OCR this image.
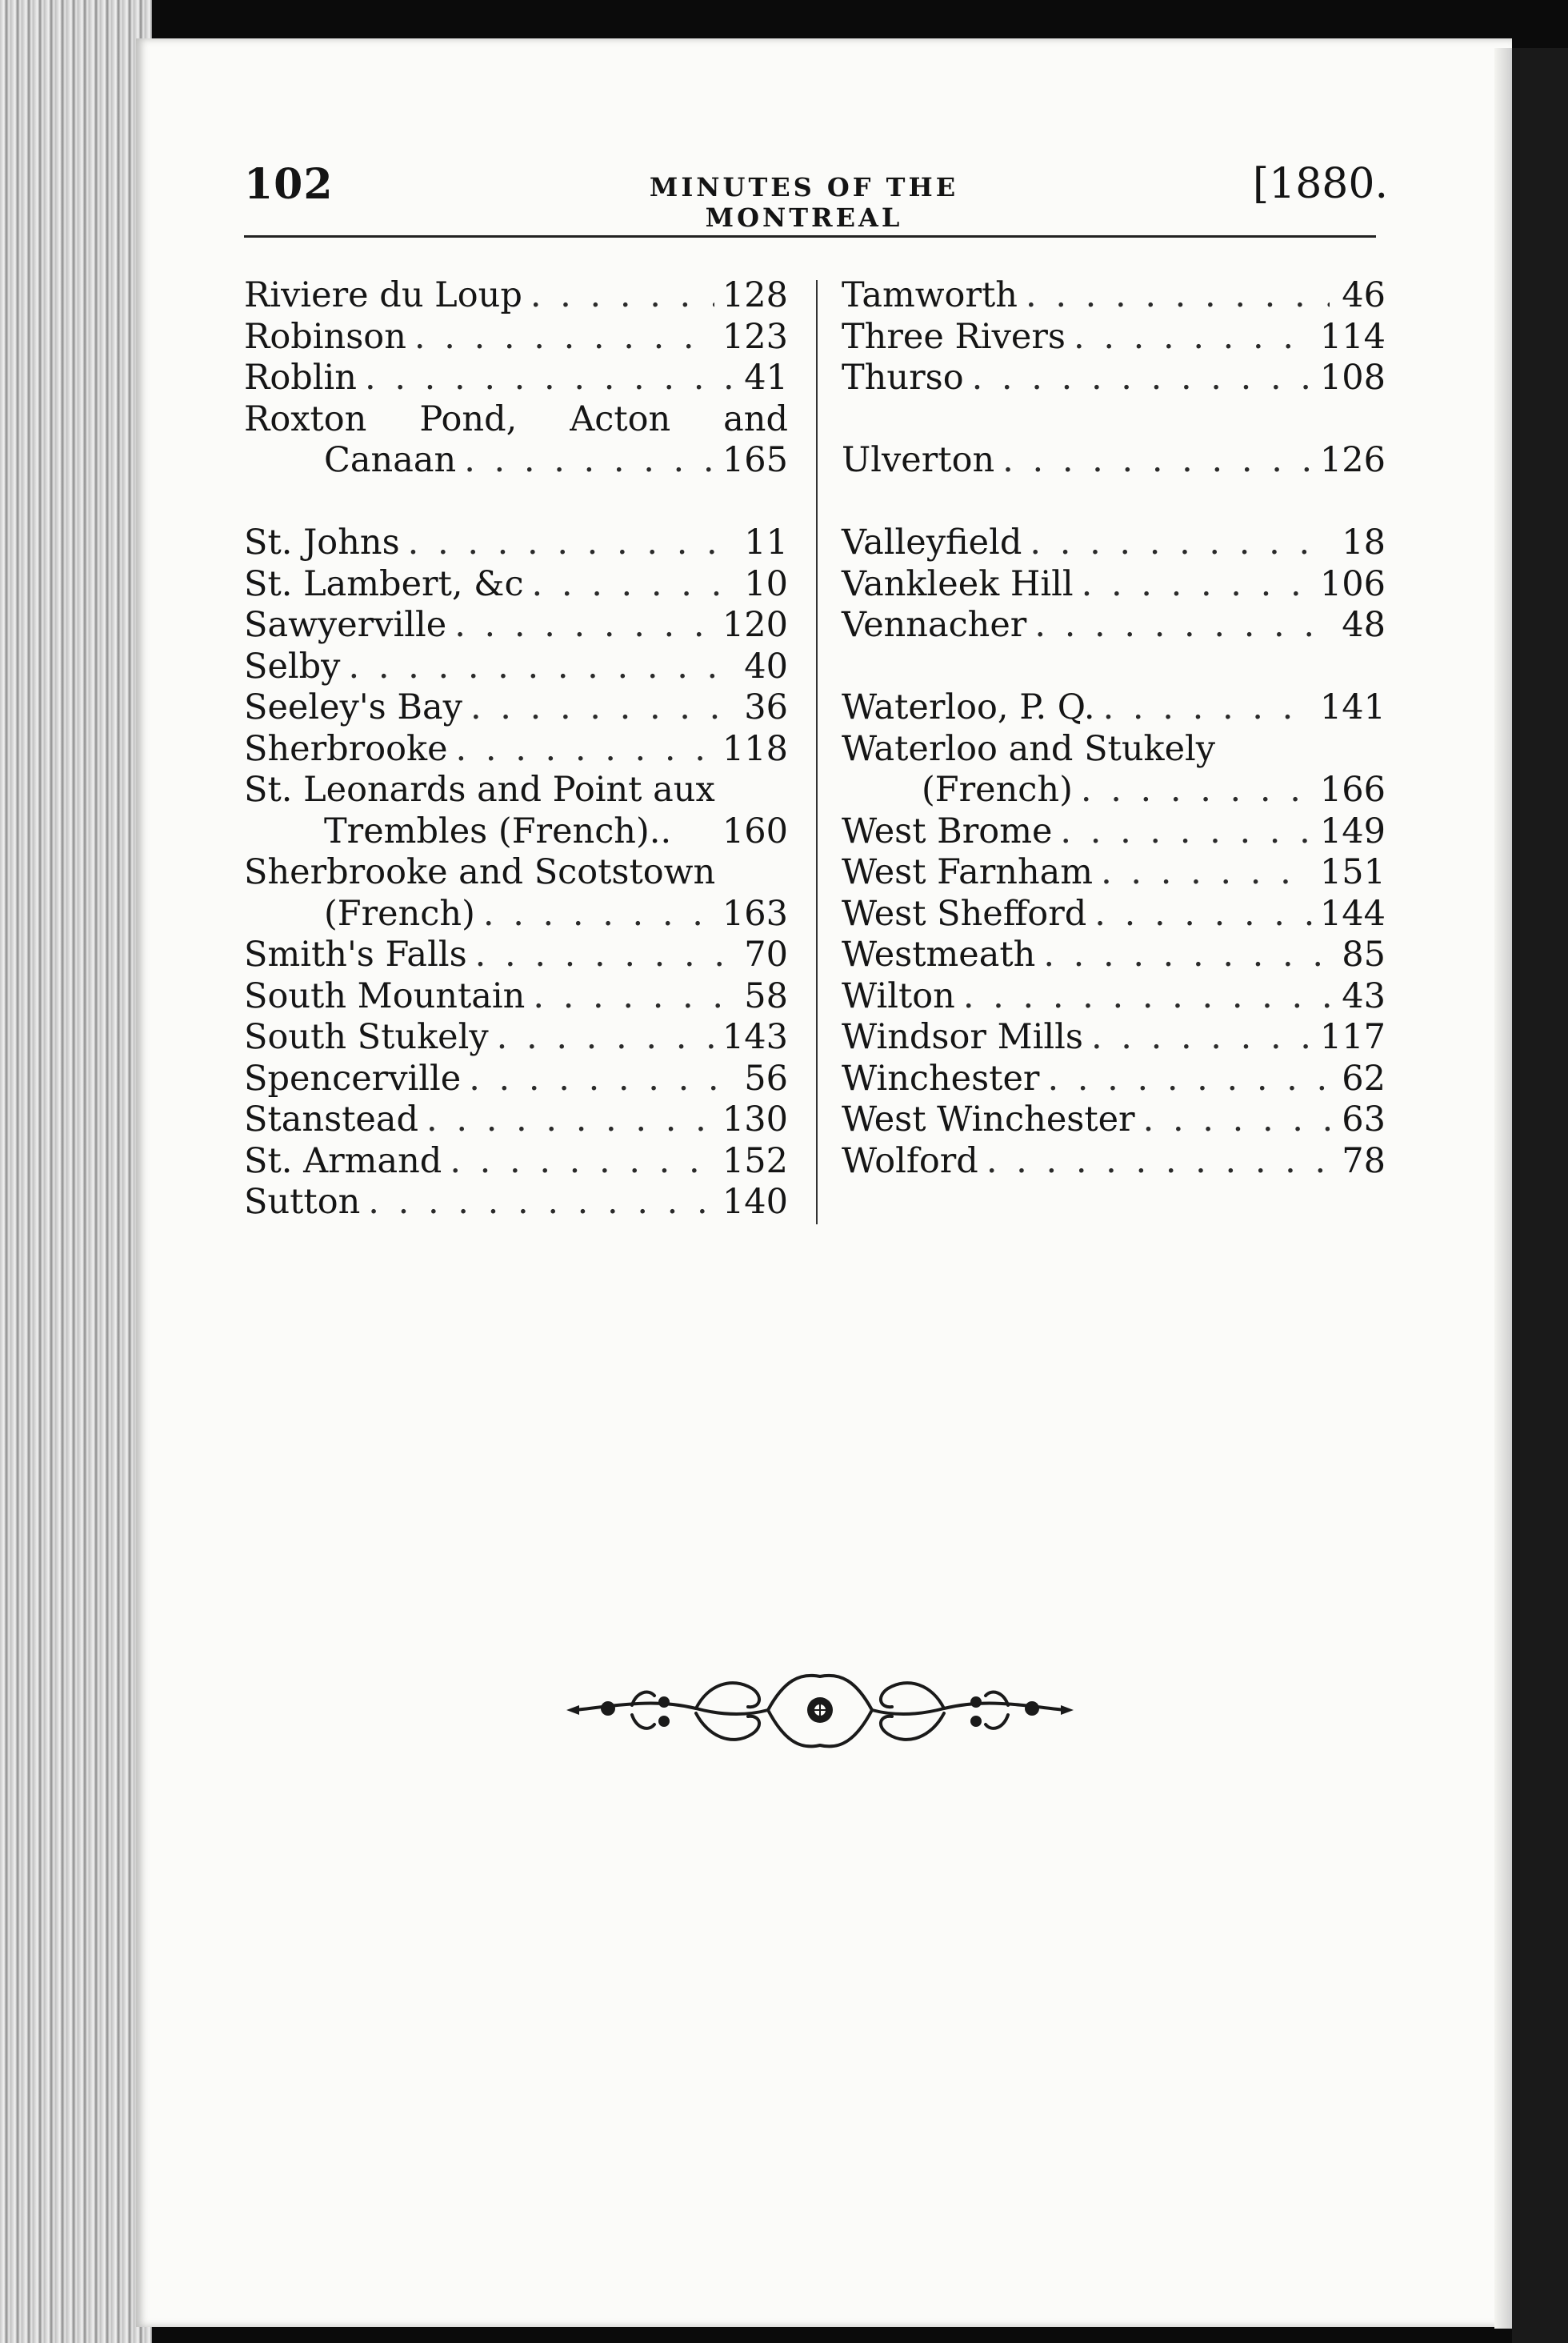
102	MINUTES OF THE MONTREAL
[1880.
Riviere du Loup . . .	128
Robinson . . .	123
Roblin . . .	41
Roxton Pond, Acton and
Canaan . . .	165
St. Johns . . .	11
St. Lambert, &c . . .	10
Sawyerville . . .	120
Selby . . .	40
Seeley's Bay . . .	36
Sherbrooke . . .	118
St. Leonards and Point aux
Trembles (French).. 160
Sherbrooke and Scotstown
(French) . . .	163
Smith's Falls . . .	70
South Mountain . . .	58
South Stukely . . .	143
Spencerville . . .	56
Stanstead . . .	130
St. Armand . . .	152
Sutton . . .	140
Tamworth . . .	46
Three Rivers . . .	114
Thurso . . .	108
Ulverton . . .	126
Valleyfield . . .	18
Vankleek Hill . . .	106
Vennacher . . .	48
Waterloo, P. Q. . . .	141
Waterloo and Stukely
(French) . . .	166
West Brome . . .	149
West Farnham . . .	151
West Shefford . . .	144
Westmeath . . .	85
Wilton . . .	43
Windsor Mills . . .	117
Winchester . . .	62
West Winchester . . .	63
Wolford . . .	78
